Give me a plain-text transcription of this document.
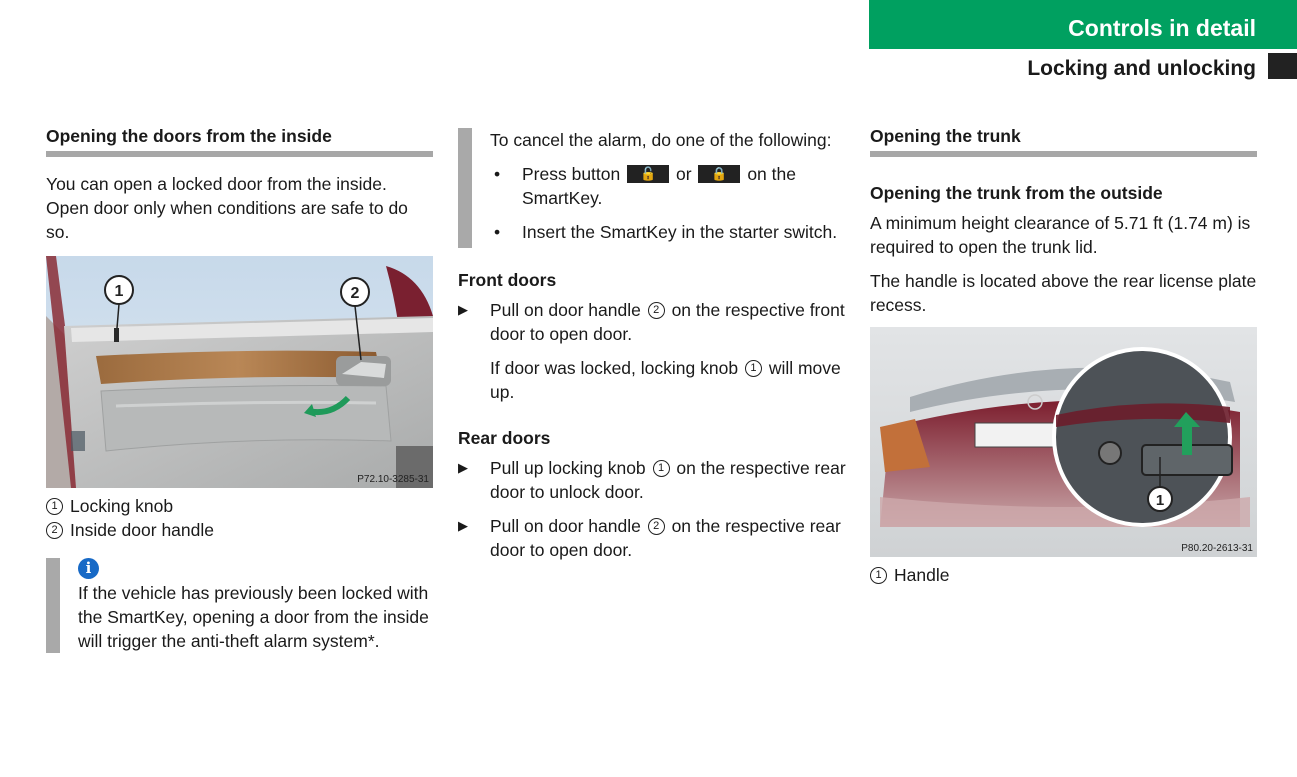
Controls in detail
Locking and unlocking
Opening the doors from the inside

You can open a locked door from the inside. Open door only when conditions are safe to do so.

1	2
P72.10-3285-31
1 Locking knob
2 Inside door handle
i
If the vehicle has previously been locked with the SmartKey, opening a door from the inside will trigger the anti-theft alarm system*.

To cancel the alarm, do one of the following:

• Press button 🔓 or 🔒 on the SmartKey.
• Insert the SmartKey in the starter switch.
Front doors
▶ Pull on door handle 2 on the respective front door to open door.

If door was locked, locking knob 1 will move up.

Rear doors
▶ Pull up locking knob 1 on the respective rear door to unlock door.
▶ Pull on door handle 2 on the respective rear door to open door.
Opening the trunk
Opening the trunk from the outside

A minimum height clearance of 5.71 ft (1.74 m) is required to open the trunk lid.

The handle is located above the rear license plate recess.

1
P80.20-2613-31
1 Handle
